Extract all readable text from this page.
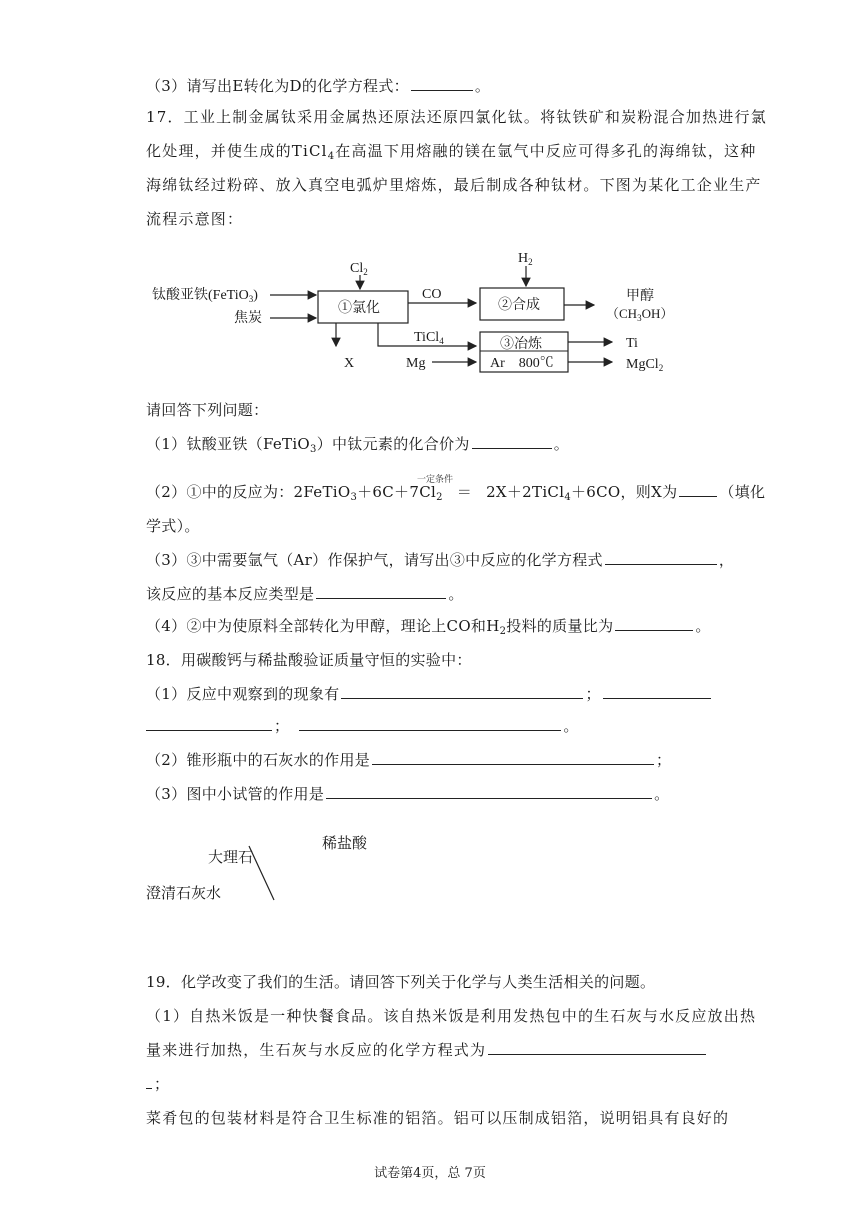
（3）请写出E转化为D的化学方程式：	。
17．工业上制金属钛采用金属热还原法还原四氯化钛。将钛铁矿和炭粉混合加热进行氯
化处理，并使生成的TiCl$_4$在高温下用熔融的镁在氩气中反应可得多孔的海绵钛，这种
海绵钛经过粉碎、放入真空电弧炉里熔炼，最后制成各种钛材。下图为某化工企业生产
流程示意图：
钛酸亚铁(FeTiO$_3$)
焦炭
$Cl_2$
①氯化
CO
$H_2$
②合成
甲醇
$(CH_3OH)$
X
TiCl$_4$
Mg
③冶炼
Ar　800℃
Ti
MgCl$_2$
请回答下列问题：
（1）钛酸亚铁（FeTiO$_3$）中钛元素的化合价为	。
一定条件
（2）①中的反应为：$2FeTiO_3+6C+7Cl_2$ ＝ 2X＋2TiCl$_4$＋6CO，则X为	（填化
学式）。
（3）③中需要氩气（Ar）作保护气，请写出③中反应的化学方程式	，
该反应的基本反应类型是	。
（4）②中为使原料全部转化为甲醇，理论上CO和$H_2$投料的质量比为	。
18．用碳酸钙与稀盐酸验证质量守恒的实验中：
（1）反应中观察到的现象有	；
；	。
（2）锥形瓶中的石灰水的作用是	；
（3）图中小试管的作用是	。
稀盐酸
大理石
澄清石灰水
19．化学改变了我们的生活。请回答下列关于化学与人类生活相关的问题。
（1）自热米饭是一种快餐食品。该自热米饭是利用发热包中的生石灰与水反应放出热
量来进行加热，生石灰与水反应的化学方程式为
；
菜肴包的包装材料是符合卫生标准的铝箔。铝可以压制成铝箔，说明铝具有良好的
试卷第4页，总 7页
